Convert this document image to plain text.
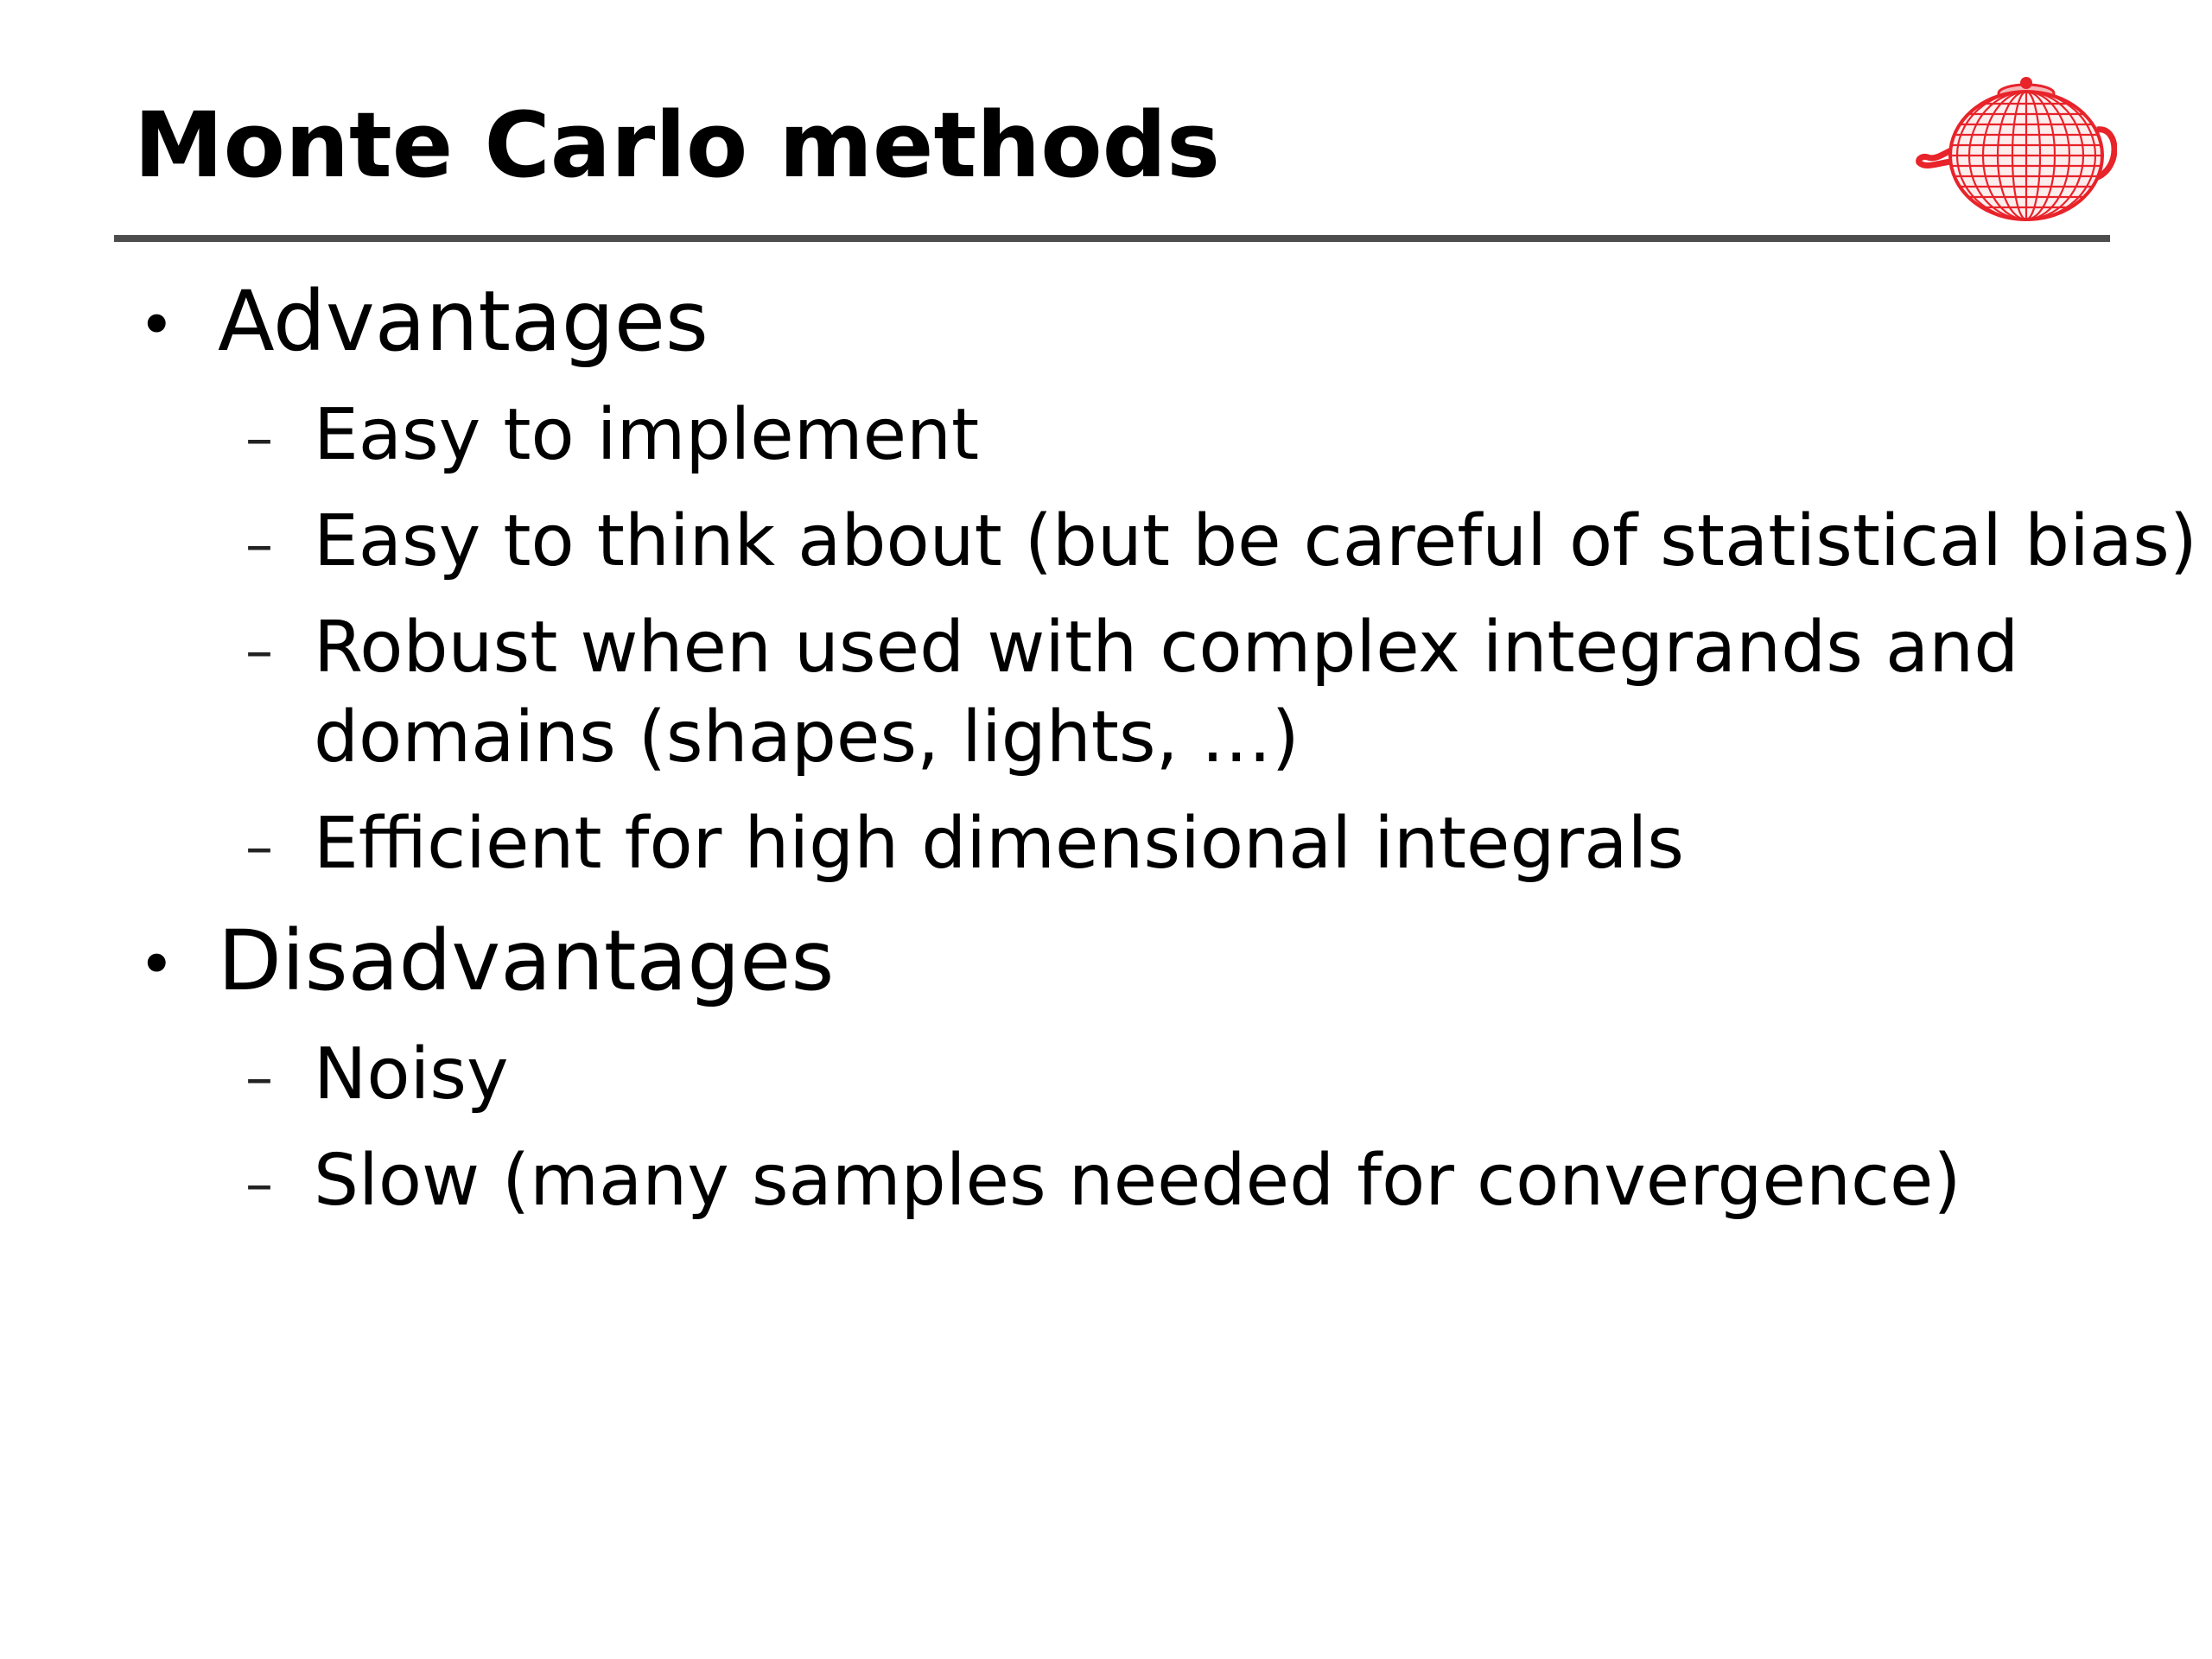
Monte Carlo methods
• Advantages
– Easy to implement
– Easy to think about (but be careful of statistical bias)
– Robust when used with complex integrands and
domains (shapes, lights, …)
– Efficient for high dimensional integrals
• Disadvantages
– Noisy
– Slow (many samples needed for convergence)
